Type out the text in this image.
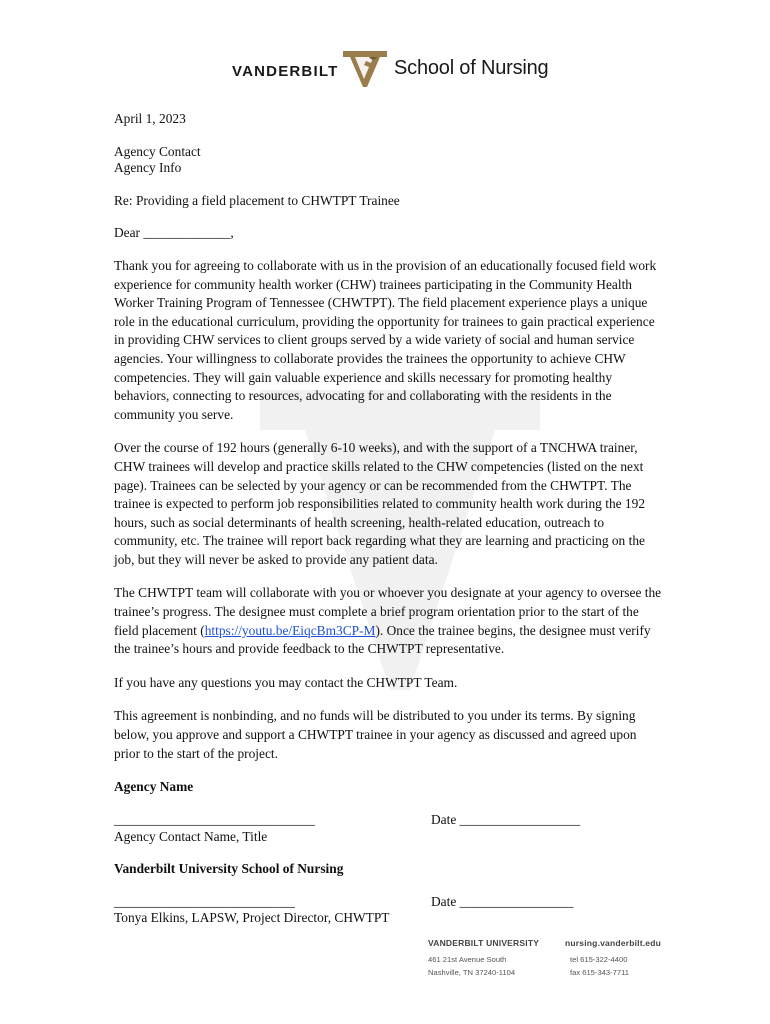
VANDERBILT	School of Nursing

April 1, 2023

Agency Contact

Agency Info

Re: Providing a field placement to CHWTPT Trainee

Dear _____________,

Thank you for agreeing to collaborate with us in the provision of an educationally focused field work experience for community health worker (CHW) trainees participating in the Community Health Worker Training Program of Tennessee (CHWTPT). The field placement experience plays a unique role in the educational curriculum, providing the opportunity for trainees to gain practical experience in providing CHW services to client groups served by a wide variety of social and human service agencies. Your willingness to collaborate provides the trainees the opportunity to achieve CHW competencies. They will gain valuable experience and skills necessary for promoting healthy behaviors, connecting to resources, advocating for and collaborating with the residents in the community you serve.

Over the course of 192 hours (generally 6-10 weeks), and with the support of a TNCHWA trainer, CHW trainees will develop and practice skills related to the CHW competencies (listed on the next page). Trainees can be selected by your agency or can be recommended from the CHWTPT. The trainee is expected to perform job responsibilities related to community health work during the 192 hours, such as social determinants of health screening, health-related education, outreach to community, etc. The trainee will report back regarding what they are learning and practicing on the job, but they will never be asked to provide any patient data.

The CHWTPT team will collaborate with you or whoever you designate at your agency to oversee the trainee’s progress. The designee must complete a brief program orientation prior to the start of the field placement (https://youtu.be/EiqcBm3CP-M). Once the trainee begins, the designee must verify the trainee’s hours and provide feedback to the CHWTPT representative.

If you have any questions you may contact the CHWTPT Team.

This agreement is nonbinding, and no funds will be distributed to you under its terms. By signing below, you approve and support a CHWTPT trainee in your agency as discussed and agreed upon prior to the start of the project.

Agency Name

______________________________	Date __________________

Agency Contact Name, Title

Vanderbilt University School of Nursing

___________________________	Date _________________

Tonya Elkins, LAPSW, Project Director, CHWTPT

VANDERBILT UNIVERSITY
461 21st Avenue South
Nashville, TN 37240-1104
nursing.vanderbilt.edu
tel 615-322-4400
fax 615-343-7711
